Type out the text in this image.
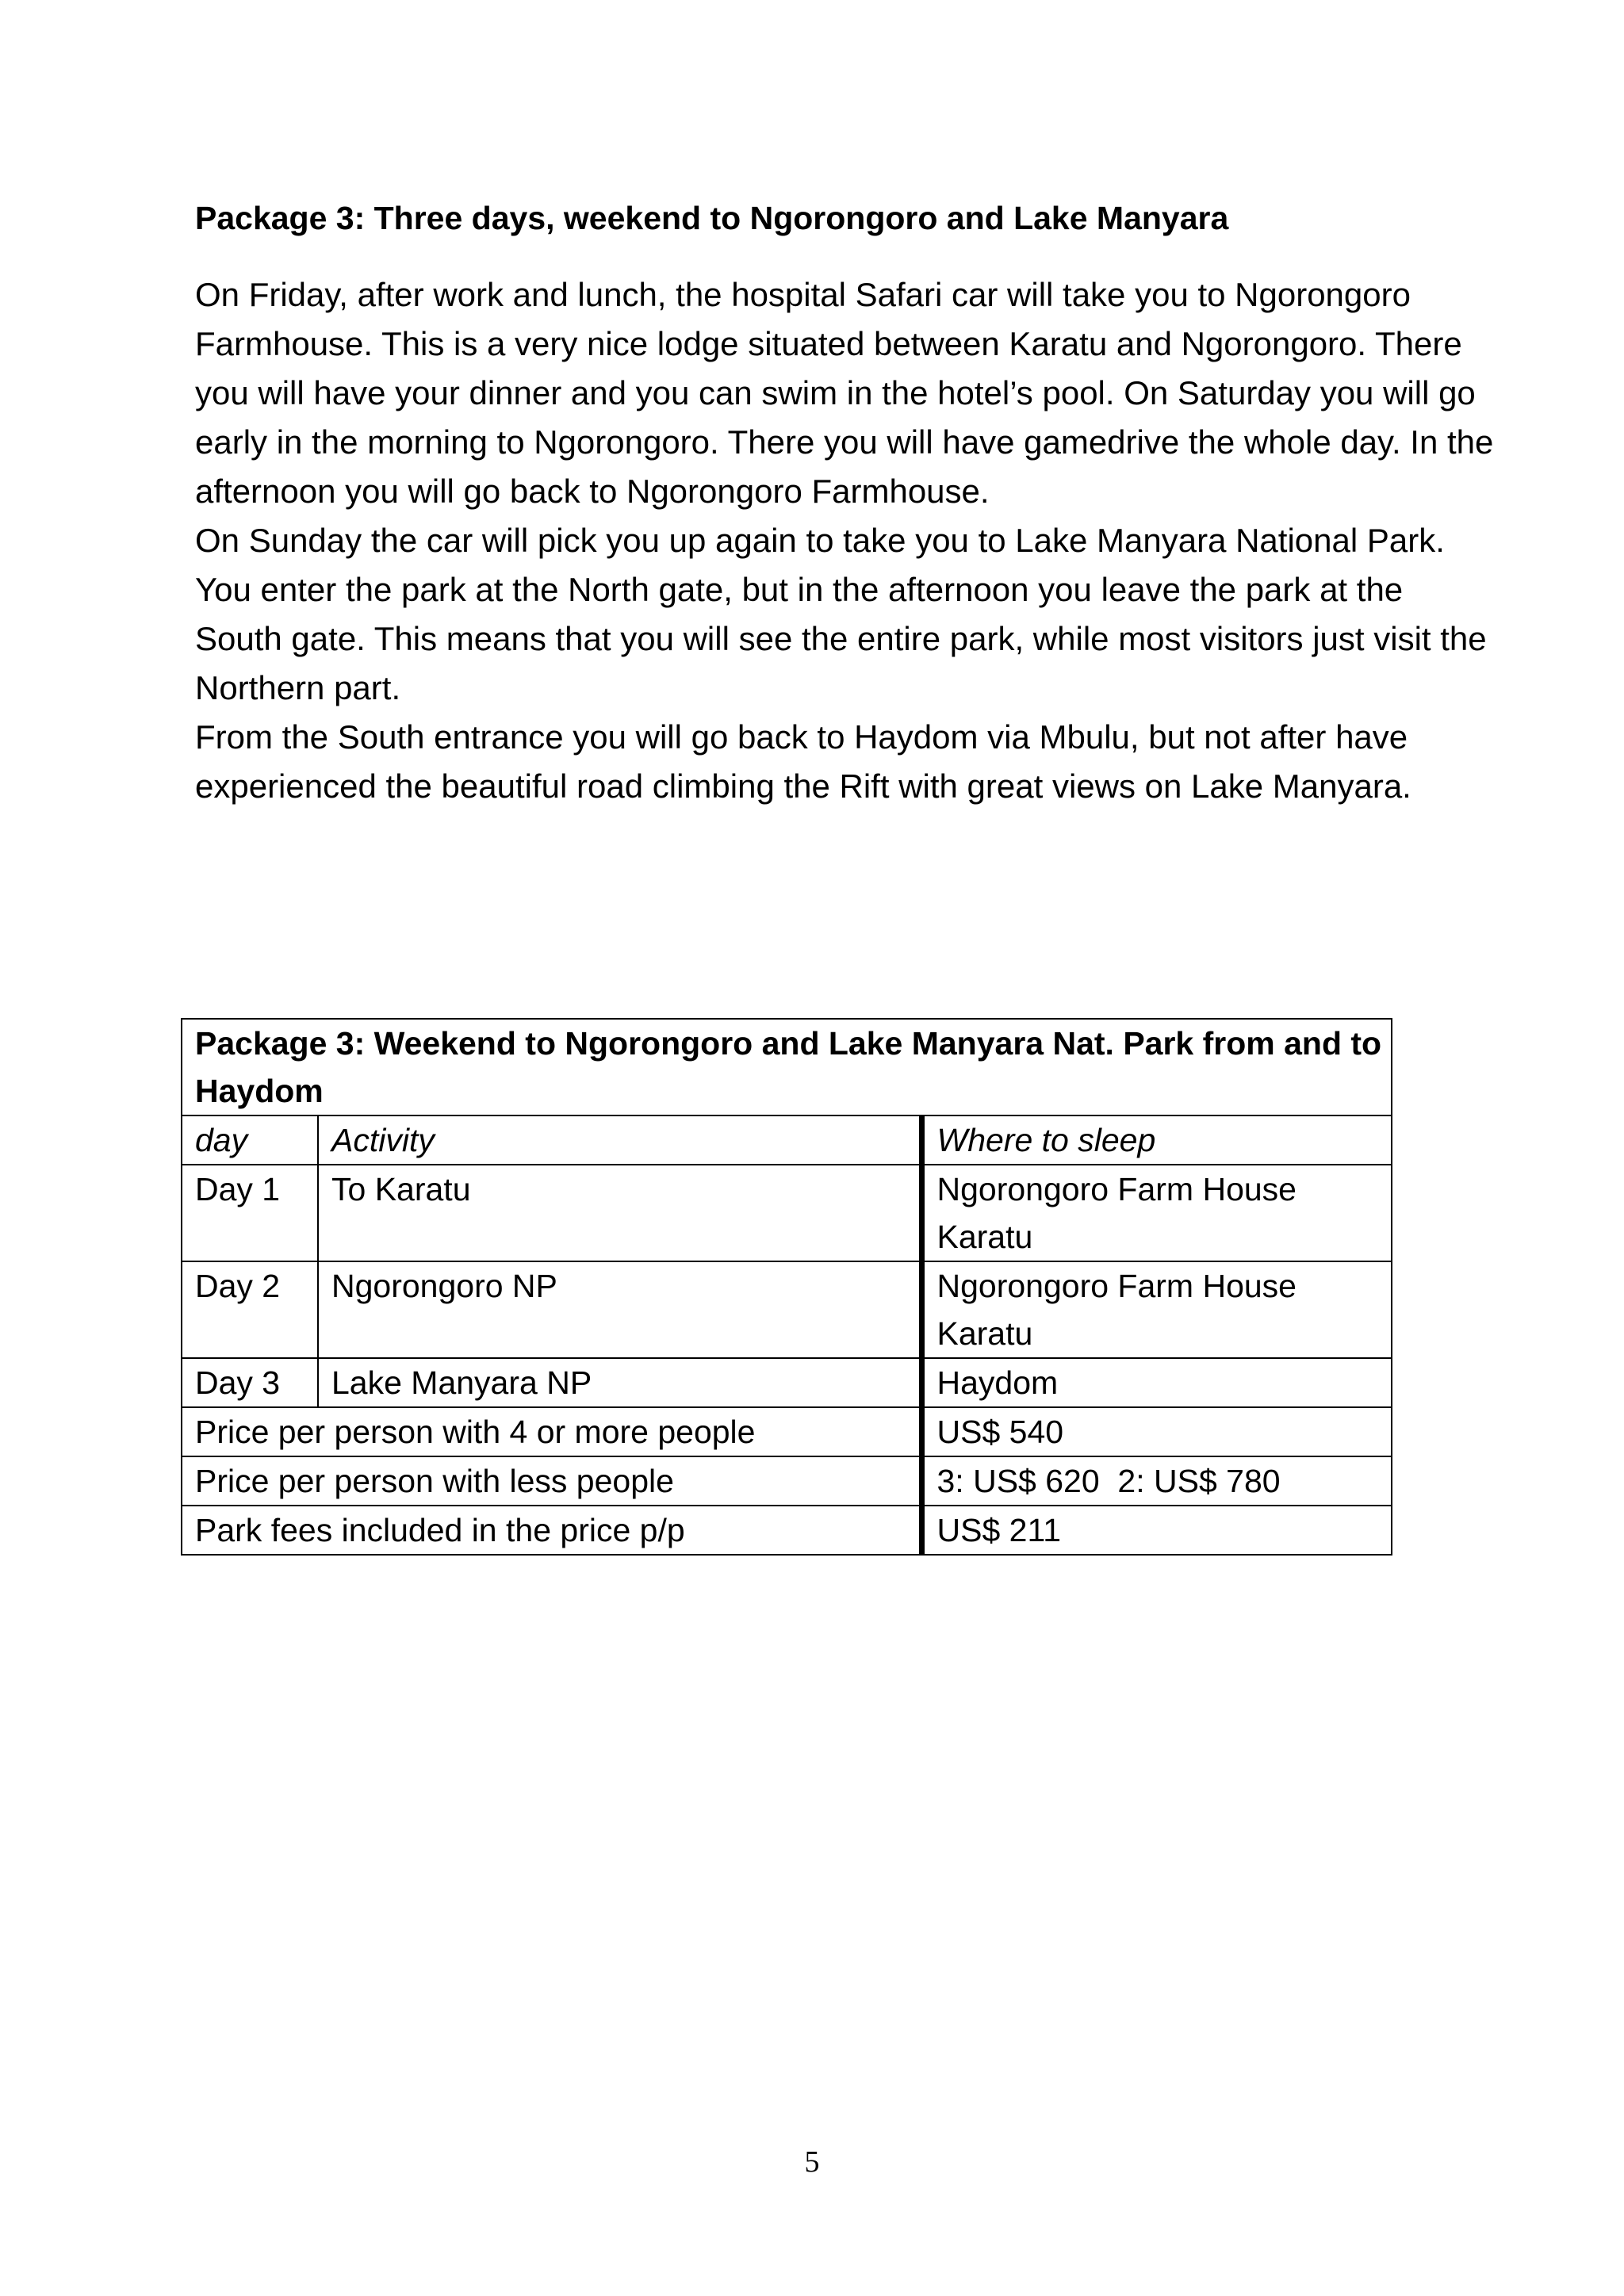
Package 3: Three days, weekend to Ngorongoro and Lake Manyara

On Friday, after work and lunch, the hospital Safari car will take you to Ngorongoro Farmhouse. This is a very nice lodge situated between Karatu and Ngorongoro. There you will have your dinner and you can swim in the hotel’s pool. On Saturday you will go early in the morning to Ngorongoro. There you will have gamedrive the whole day. In the afternoon you will go back to Ngorongoro Farmhouse.

On Sunday the car will pick you up again to take you to Lake Manyara National Park. You enter the park at the North gate, but in the afternoon you leave the park at the South gate. This means that you will see the entire park, while most visitors just visit the Northern part.

From the South entrance you will go back to Haydom via Mbulu, but not after have experienced the beautiful road climbing the Rift with great views on Lake Manyara.

Package 3: Weekend to Ngorongoro and Lake Manyara Nat. Park from and to Haydom		
day	Activity	Where to sleep
Day 1	To Karatu	Ngorongoro Farm House Karatu
Day 2	Ngorongoro NP	Ngorongoro Farm House Karatu
Day 3	Lake Manyara NP	Haydom
Price per person with 4 or more people		US$ 540
Price per person with less people		3: US$ 620  2: US$ 780
Park fees included in the price p/p		US$ 211
5
